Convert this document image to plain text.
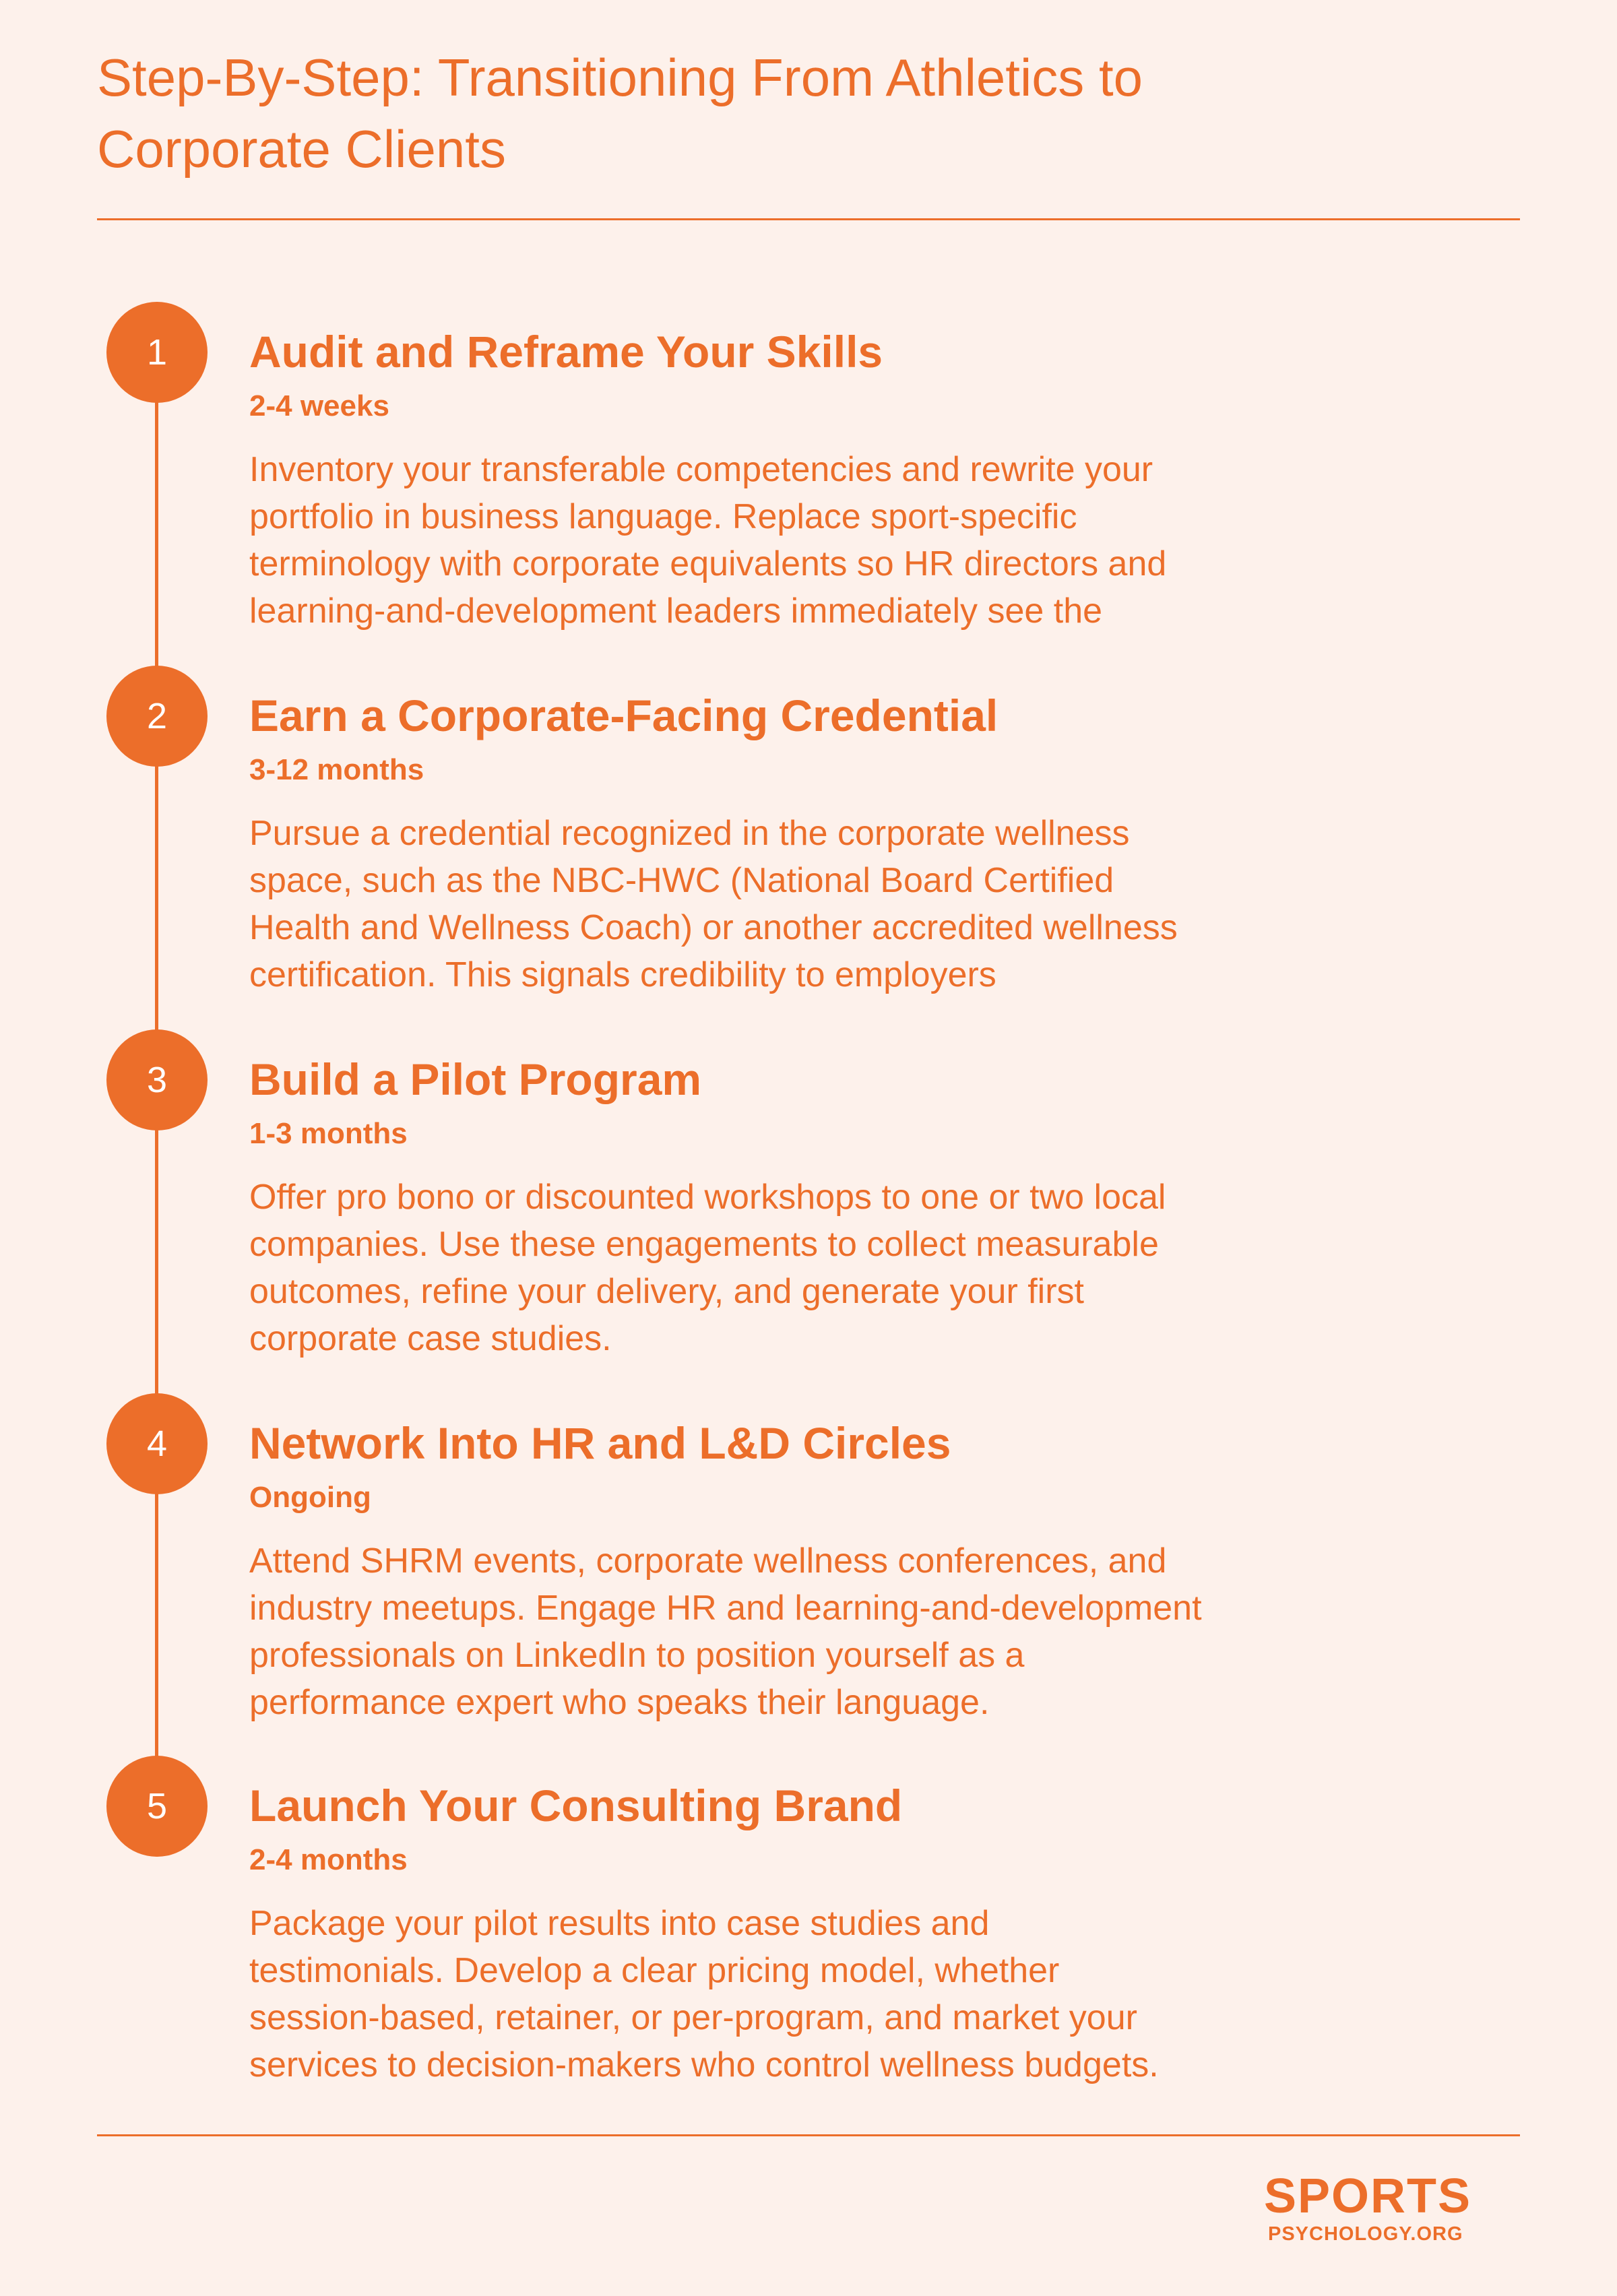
Step-By-Step: Transitioning From Athletics to
Corporate Clients
1	Audit and Reframe Your Skills
2-4 weeks
Inventory your transferable competencies and rewrite your
portfolio in business language. Replace sport-specific
terminology with corporate equivalents so HR directors and
learning-and-development leaders immediately see the
2	Earn a Corporate-Facing Credential
3-12 months
Pursue a credential recognized in the corporate wellness
space, such as the NBC-HWC (National Board Certified
Health and Wellness Coach) or another accredited wellness
certification. This signals credibility to employers
3	Build a Pilot Program
1-3 months
Offer pro bono or discounted workshops to one or two local
companies. Use these engagements to collect measurable
outcomes, refine your delivery, and generate your first
corporate case studies.
4	Network Into HR and L&D Circles
Ongoing
Attend SHRM events, corporate wellness conferences, and
industry meetups. Engage HR and learning-and-development
professionals on LinkedIn to position yourself as a
performance expert who speaks their language.
5	Launch Your Consulting Brand
2-4 months
Package your pilot results into case studies and
testimonials. Develop a clear pricing model, whether
session-based, retainer, or per-program, and market your
services to decision-makers who control wellness budgets.
SPORTS
PSYCHOLOGY.ORG
